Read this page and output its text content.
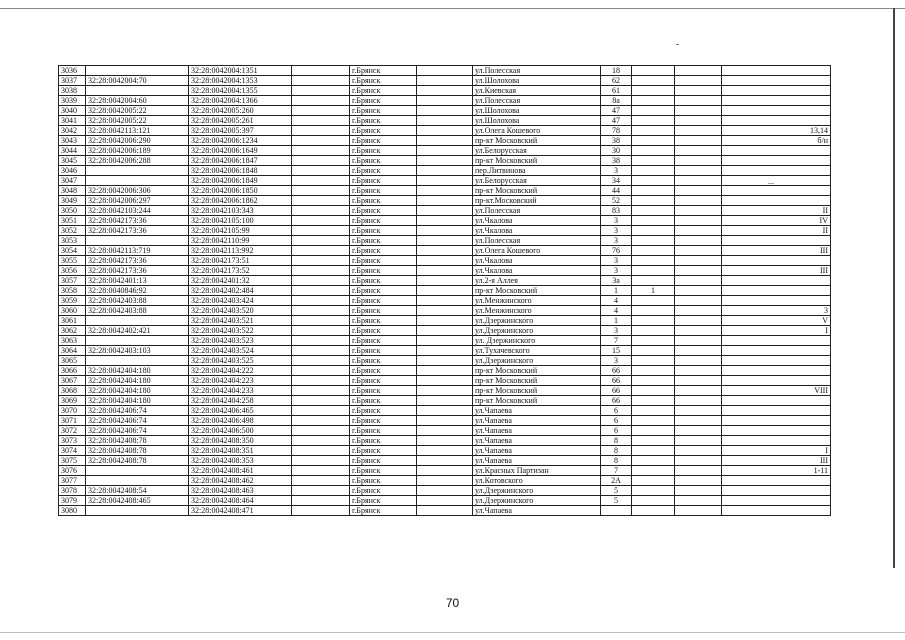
3036		32:28:0042004:1351		г.Брянск		ул.Полесская	18			
3037	32:28:0042004:70	32:28:0042004:1353		г.Брянск		ул.Шолохова	62			
3038		32:28:0042004:1355		г.Брянск		ул.Киевская	61			
3039	32:28:0042004:60	32:28:0042004:1366		г.Брянск		ул.Полесская	8а			
3040	32:28:0042005:22	32:28:0042005:260		г.Брянск		ул.Шолохова	47			
3041	32:28:0042005:22	32:28:0042005:261		г.Брянск		ул.Шолохова	47			
3042	32:28:0042113:121	32:28:0042005:397		г.Брянск		ул.Олега Кошевого	78			13,14
3043	32:28:0042006:290	32:28:0042006:1234		г.Брянск		пр-кт Московский	38			б/н
3044	32:28:0042006:189	32:28:0042006:1649		г.Брянск		ул.Белорусская	30			
3045	32:28:0042006:288	32:28:0042006:1847		г.Брянск		пр-кт Московский	38			
3046		32:28:0042006:1848		г.Брянск		пер.Литвинова	3			
3047		32:28:0042006:1849		г.Брянск		ул.Белорусская	34			
3048	32:28:0042006:306	32:28:0042006:1850		г.Брянск		пр-кт Московский	44			
3049	32:28:0042006:297	32:28:0042006:1862		г.Брянск		пр-кт.Московский	52			
3050	32:28:0042103:244	32:28:0042103:343		г.Брянск		ул.Полесская	83			II
3051	32:28:0042173:36	32:28:0042105:100		г.Брянск		ул.Чкалова	3			IV
3052	32:28:0042173:36	32:28:0042105:99		г.Брянск		ул.Чкалова	3			II
3053		32:28:0042110:99		г.Брянск		ул.Полесская	3			
3054	32:28:0042113:719	32:28:0042113:992		г.Брянск		ул.Олега Кошевого	76			III
3055	32:28:0042173:36	32:28:0042173:51		г.Брянск		ул.Чкалова	3			
3056	32:28:0042173:36	32:28:0042173:52		г.Брянск		ул.Чкалова	3			III
3057	32:28:0042401:13	32:28:0042401:32		г.Брянск		ул.2-я Аллея	3а			
3058	32:28:0040846:92	32:28:0042402:484		г.Брянск		пр-кт Московский	1	1		
3059	32:28:0042403:88	32:28:0042403:424		г.Брянск		ул.Менжинского	4			
3060	32:28:0042403:88	32:28:0042403:520		г.Брянск		ул.Менжинского	4			3
3061		32:28:0042403:521		г.Брянск		ул.Дзержинского	1			V
3062	32:28:0042402:421	32:28:0042403:522		г.Брянск		ул.Дзержинского	3			I
3063		32:28:0042403:523		г.Брянск		ул. Дзержинского	7			
3064	32:28:0042403:103	32:28:0042403:524		г.Брянск		ул.Тухачевского	15			
3065		32:28:0042403:525		г.Брянск		ул.Дзержинского	3			
3066	32:28:0042404:180	32:28:0042404:222		г.Брянск		пр-кт Московский	66			
3067	32:28:0042404:180	32:28:0042404:223		г.Брянск		пр-кт Московский	66			
3068	32:28:0042404:180	32:28:0042404:233		г.Брянск		пр-кт Московский	66			VIII
3069	32:28:0042404:180	32:28:0042404:258		г.Брянск		пр-кт Московский	66			
3070	32:28:0042406:74	32:28:0042406:465		г.Брянск		ул.Чапаева	6			
3071	32:28:0042406:74	32:28:0042406:498		г.Брянск		ул.Чапаева	6			
3072	32:28:0042406:74	32:28:0042406:500		г.Брянск		ул.Чапаева	6			
3073	32:28:0042408:78	32:28:0042408:350		г.Брянск		ул.Чапаева	8			
3074	32:28:0042408:78	32:28:0042408:351		г.Брянск		ул.Чапаева	8			I
3075	32:28:0042408:78	32:28:0042408:353		г.Брянск		ул.Чапаева	8			III
3076		32:28:0042408:461		г.Брянск		ул.Красных Партизан	7			1-11
3077		32:28:0042408:462		г.Брянск		ул.Котовского	2А			
3078	32:28:0042408:54	32:28:0042408:463		г.Брянск		ул.Дзержинского	5			
3079	32:28:0042408:465	32:28:0042408:464		г.Брянск		ул.Дзержинского	5			
3080		32:28:0042408:471		г.Брянск		ул.Чапаева				
70
